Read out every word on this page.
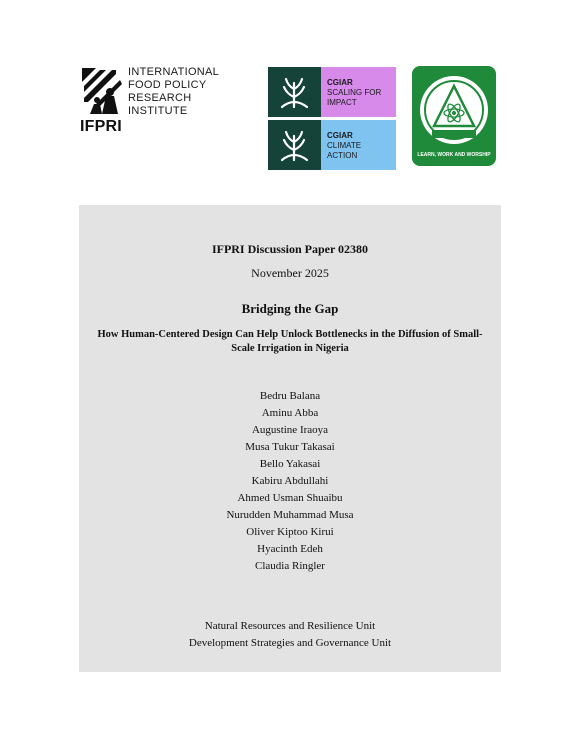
INTERNATIONAL
FOOD POLICY
RESEARCH
INSTITUTE
IFPRI
CGIAR
SCALING FOR
IMPACT
CGIAR
CLIMATE
ACTION	LEARN, WORK AND WORSHIP
IFPRI Discussion Paper 02380
November 2025
Bridging the Gap
How Human-Centered Design Can Help Unlock Bottlenecks in the Diffusion of Small-Scale Irrigation in Nigeria
Bedru Balana
Aminu Abba
Augustine Iraoya
Musa Tukur Takasai
Bello Yakasai
Kabiru Abdullahi
Ahmed Usman Shuaibu
Nurudden Muhammad Musa
Oliver Kiptoo Kirui
Hyacinth Edeh
Claudia Ringler
Natural Resources and Resilience Unit
Development Strategies and Governance Unit
